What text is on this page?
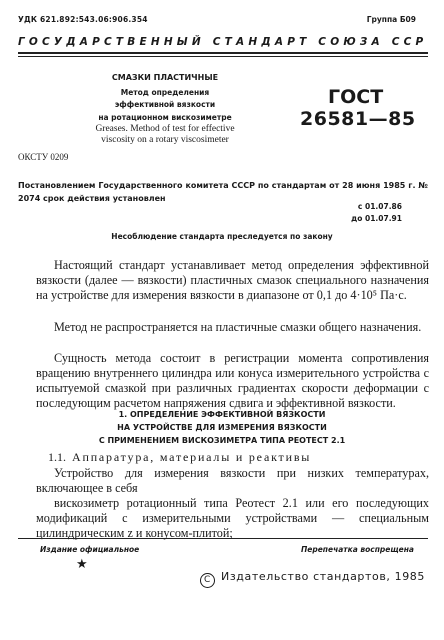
УДК 621.892:543.06:906.354	Группа Б09
ГОСУДАРСТВЕННЫЙ СТАНДАРТ СОЮЗА ССР
СМАЗКИ ПЛАСТИЧНЫЕ
Метод определения
эффективной вязкости
на ротационном вискозиметре
Greases. Method of test for effective
viscosity on a rotary viscosimeter
ГОСТ
26581—85
ОКСТУ 0209
Постановлением Государственного комитета СССР по стандартам от 28 июня 1985 г. № 2074 срок действия установлен
с 01.07.86
до 01.07.91
Несоблюдение стандарта преследуется по закону
Настоящий стандарт устанавливает метод определения эффективной вязкости (далее — вязкости) пластичных смазок специального назначения на устройстве для измерения вязкости в диапазоне от 0,1 до 4·10⁵ Па·с.
Метод не распространяется на пластичные смазки общего назначения.
Сущность метода состоит в регистрации момента сопротивления вращению внутреннего цилиндра или конуса измерительного устройства с испытуемой смазкой при различных градиентах скорости деформации с последующим расчетом напряжения сдвига и эффективной вязкости.
1. ОПРЕДЕЛЕНИЕ ЭФФЕКТИВНОЙ ВЯЗКОСТИ
НА УСТРОЙСТВЕ ДЛЯ ИЗМЕРЕНИЯ ВЯЗКОСТИ
С ПРИМЕНЕНИЕМ ВИСКОЗИМЕТРА ТИПА РЕОТЕСТ 2.1
1.1. Аппаратура, материалы и реактивы
Устройство для измерения вязкости при низких температурах, включающее в себя
вискозиметр ротационный типа Реотест 2.1 или его последующих модификаций с измерительными устройствами — специальным цилиндрическим z и конусом-плитой;
Издание официальное	Перепечатка воспрещена
★
C Издательство стандартов, 1985
